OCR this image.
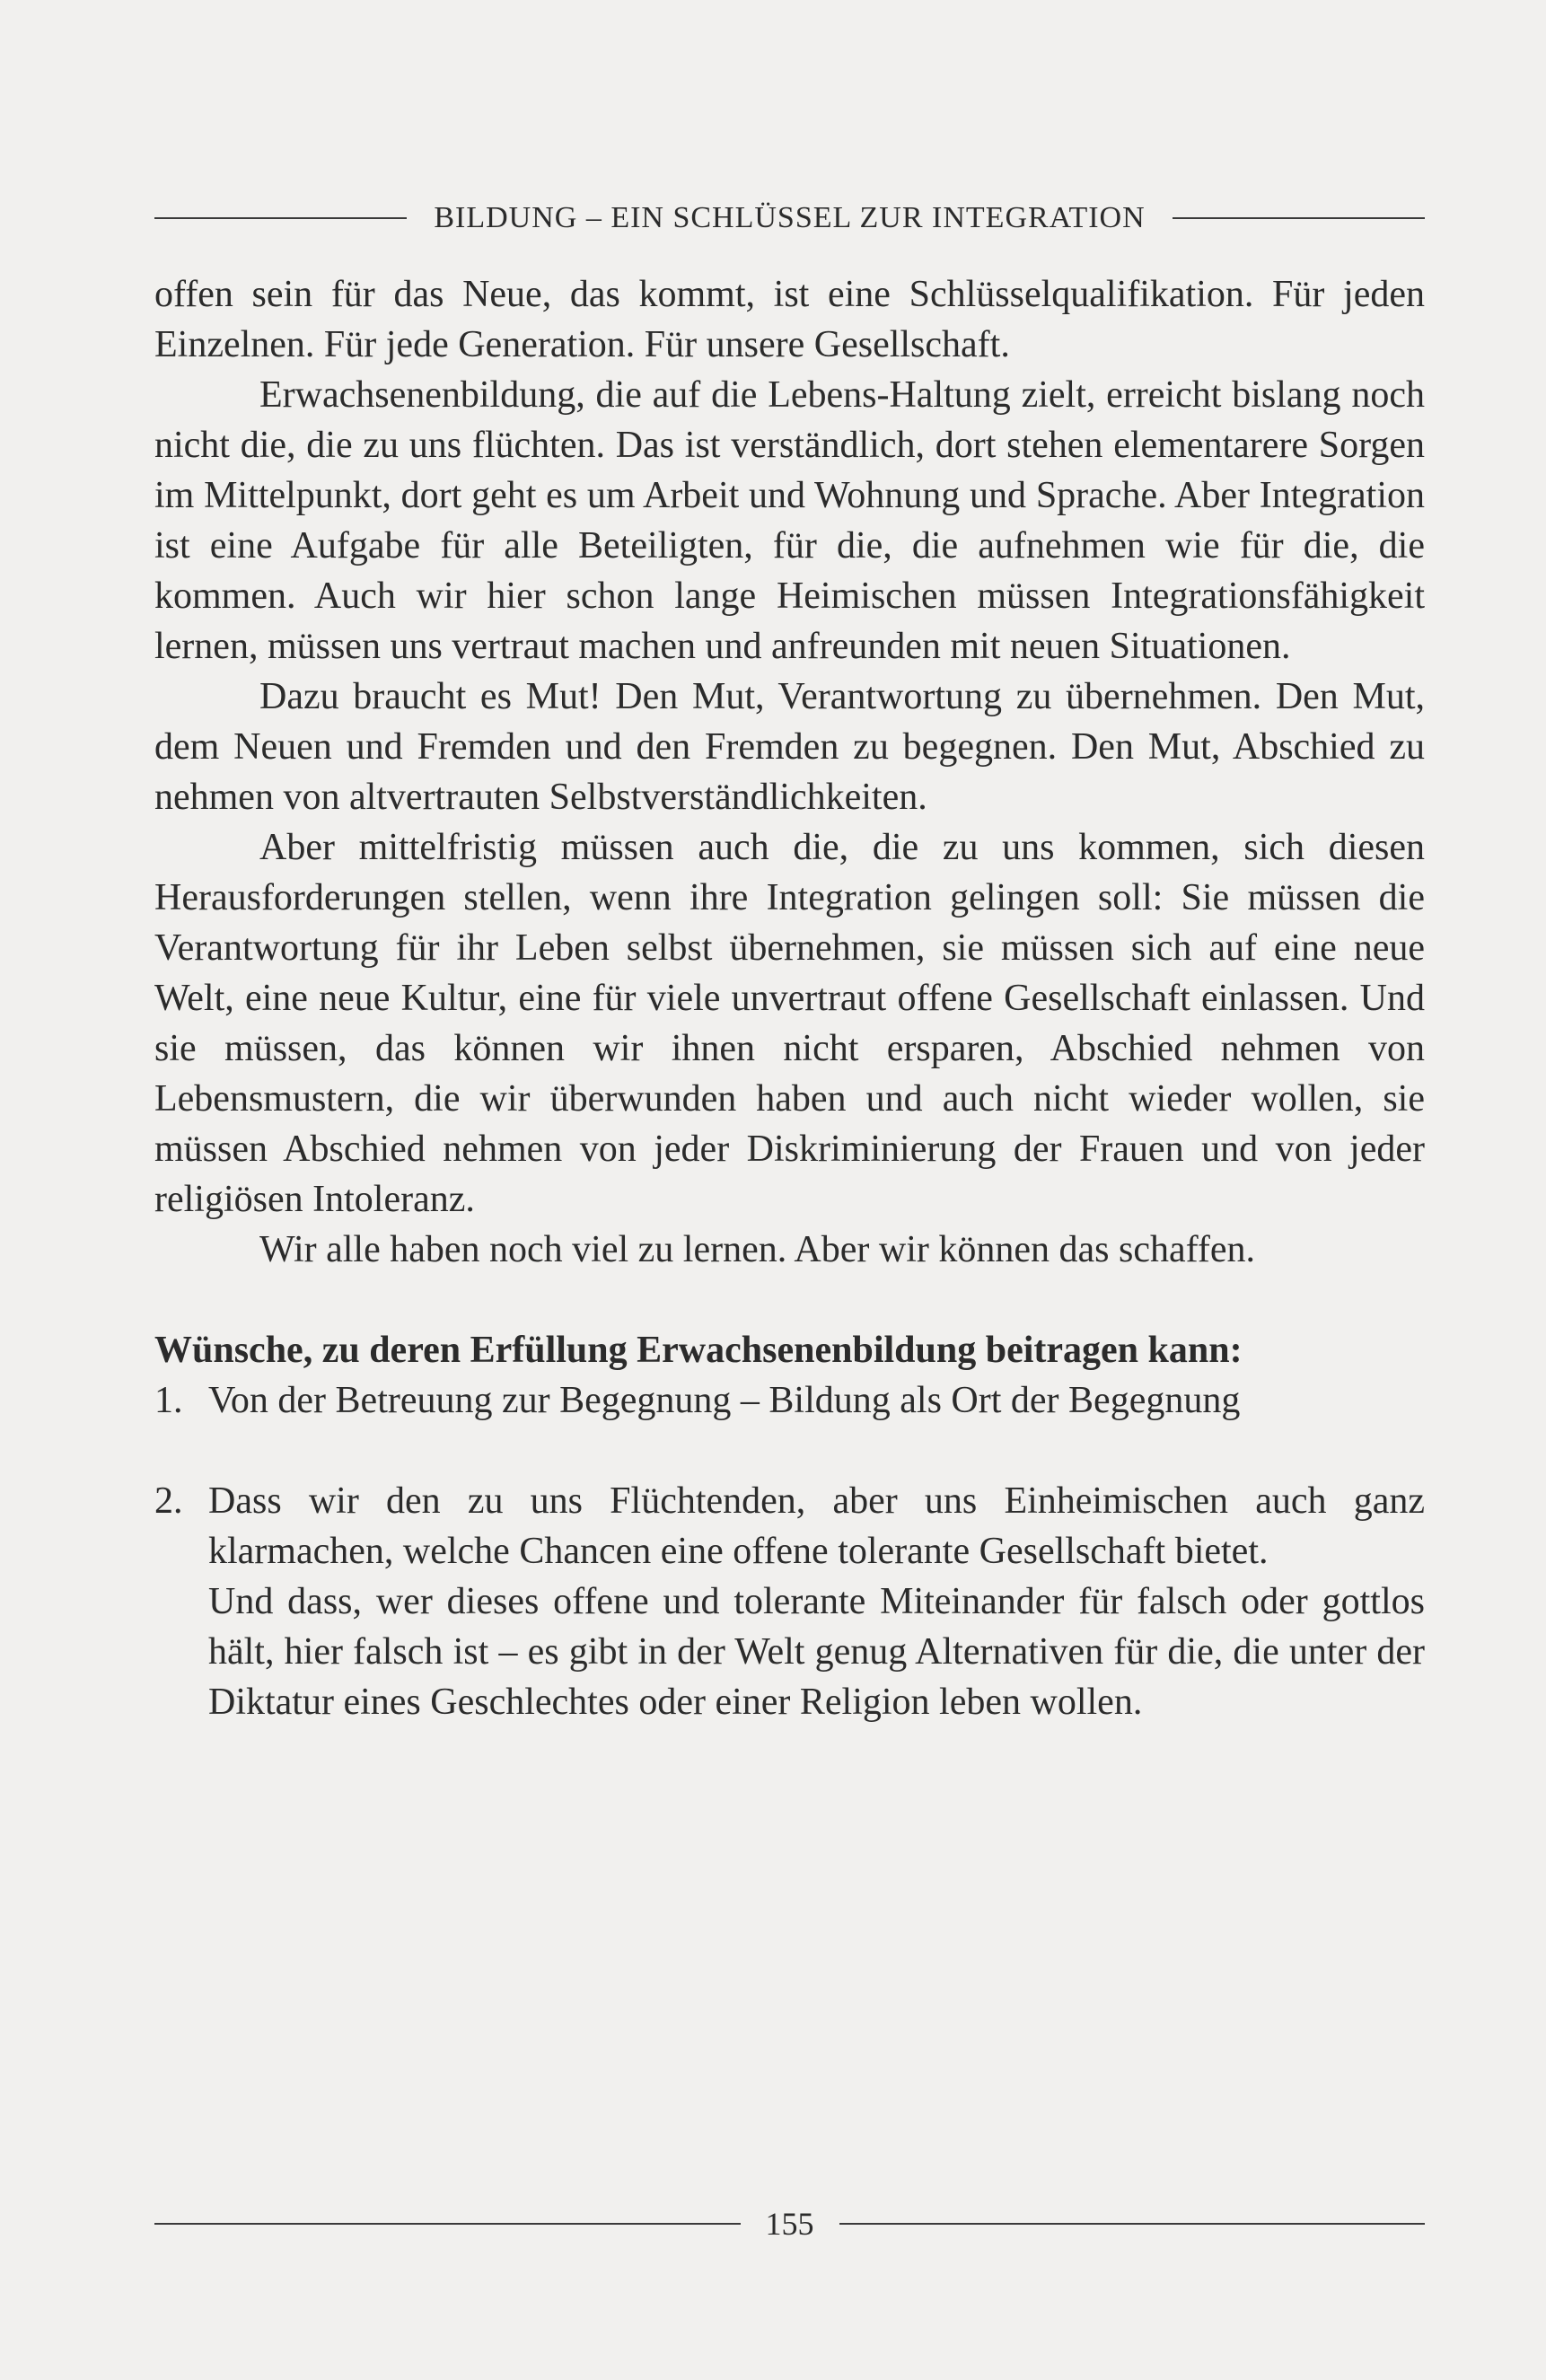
BILDUNG – EIN SCHLÜSSEL ZUR INTEGRATION

offen sein für das Neue, das kommt, ist eine Schlüsselqualifikation. Für jeden Einzelnen. Für jede Generation. Für unsere Gesellschaft.

Erwachsenenbildung, die auf die Lebens-Haltung zielt, erreicht bislang noch nicht die, die zu uns flüchten. Das ist verständlich, dort stehen elementarere Sorgen im Mittelpunkt, dort geht es um Arbeit und Wohnung und Sprache. Aber Integration ist eine Aufgabe für alle Beteiligten, für die, die aufnehmen wie für die, die kommen. Auch wir hier schon lange Heimischen müssen Integrationsfähigkeit lernen, müssen uns vertraut machen und anfreunden mit neuen Situationen.

Dazu braucht es Mut! Den Mut, Verantwortung zu übernehmen. Den Mut, dem Neuen und Fremden und den Fremden zu begegnen. Den Mut, Abschied zu nehmen von altvertrauten Selbstverständlichkeiten.

Aber mittelfristig müssen auch die, die zu uns kommen, sich diesen Herausforderungen stellen, wenn ihre Integration gelingen soll: Sie müssen die Verantwortung für ihr Leben selbst übernehmen, sie müssen sich auf eine neue Welt, eine neue Kultur, eine für viele unvertraut offene Gesellschaft einlassen. Und sie müssen, das können wir ihnen nicht ersparen, Abschied nehmen von Lebensmustern, die wir überwunden haben und auch nicht wieder wollen, sie müssen Abschied nehmen von jeder Diskriminierung der Frauen und von jeder religiösen Intoleranz.

Wir alle haben noch viel zu lernen. Aber wir können das schaffen.

Wünsche, zu deren Erfüllung Erwachsenenbildung beitragen kann:
1. Von der Betreuung zur Begegnung – Bildung als Ort der Begegnung

2. Dass wir den zu uns Flüchtenden, aber uns Einheimischen auch ganz klarmachen, welche Chancen eine offene tolerante Gesellschaft bietet.

Und dass, wer dieses offene und tolerante Miteinander für falsch oder gottlos hält, hier falsch ist – es gibt in der Welt genug Alternativen für die, die unter der Diktatur eines Geschlechtes oder einer Religion leben wollen.

155
